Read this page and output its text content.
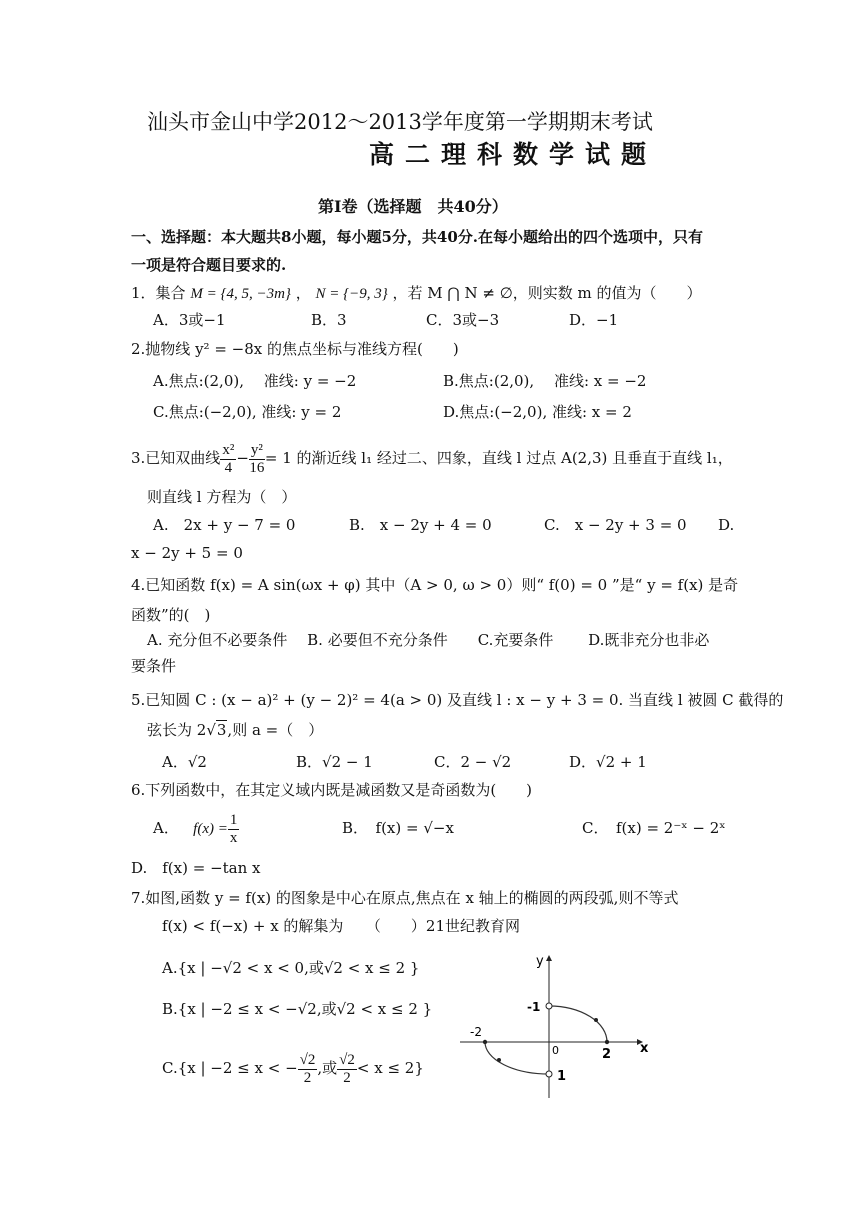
汕头市金山中学2012～2013学年度第一学期期末考试
高二理科数学试题
第Ⅰ卷（选择题　共40分）
一、选择题：本大题共8小题，每小题5分，共40分.在每小题给出的四个选项中，只有
一项是符合题目要求的.
1．集合 M = {4, 5, −3m} ， N = {−9, 3} ，若 M ⋂ N ≠ ∅，则实数 m 的值为（　　）
A．3或−1	B．3	C．3或−3	D．−1
2.抛物线 y² = −8x 的焦点坐标与准线方程(　　)
A.焦点:(2,0),　 准线: y = −2	B.焦点:(2,0),　 准线: x = −2
C.焦点:(−2,0), 准线: y = 2	D.焦点:(−2,0), 准线: x = 2
3.已知双曲线 $\frac{\text{x²}}{4} - \frac{\text{y²}}{16} = 1$ 的渐近线 l₁ 经过二、四象，直线 l 过点 A(2,3) 且垂直于直线 l₁，
则直线 l 方程为（　）
A.　2x + y − 7 = 0	B.　x − 2y + 4 = 0	C.　x − 2y + 3 = 0 D.
x − 2y + 5 = 0
4.已知函数 f(x) = A sin(ωx + φ) 其中（A > 0, ω > 0）则“ f(0) = 0 ”是“ y = f(x) 是奇
函数”的(　)
A. 充分但不必要条件　 B. 必要但不充分条件　　C.充要条件　　 D.既非充分也非必
要条件
5.已知圆 C : (x − a)² + (y − 2)² = 4(a > 0) 及直线 l : x − y + 3 = 0. 当直线 l 被圆 C 截得的
弦长为 2√3,则 a =（　）
A．√2	B．√2 − 1	C．2 − √2	D．√2 + 1
6.下列函数中，在其定义域内既是减函数又是奇函数为(　　)
A． $f(x) = \frac{1}{x}$	B．　f(x) = √−x	C．　f(x) = 2⁻ˣ − 2ˣ
D.　f(x) = −tan x
7.如图,函数 y = f(x) 的图象是中心在原点,焦点在 x 轴上的椭圆的两段弧,则不等式
f(x) < f(−x) + x 的解集为　　（　　）21世纪教育网
A.{x | −√2 < x < 0,或√2 < x ≤ 2 }
B.{x | −2 ≤ x < −√2,或√2 < x ≤ 2 }
C.{x | −2 ≤ x < − $\frac{√2}{2}$ ,或 $\frac{√2}{2} < x \le 2$}
y
x
-2
-1
0	2
1
